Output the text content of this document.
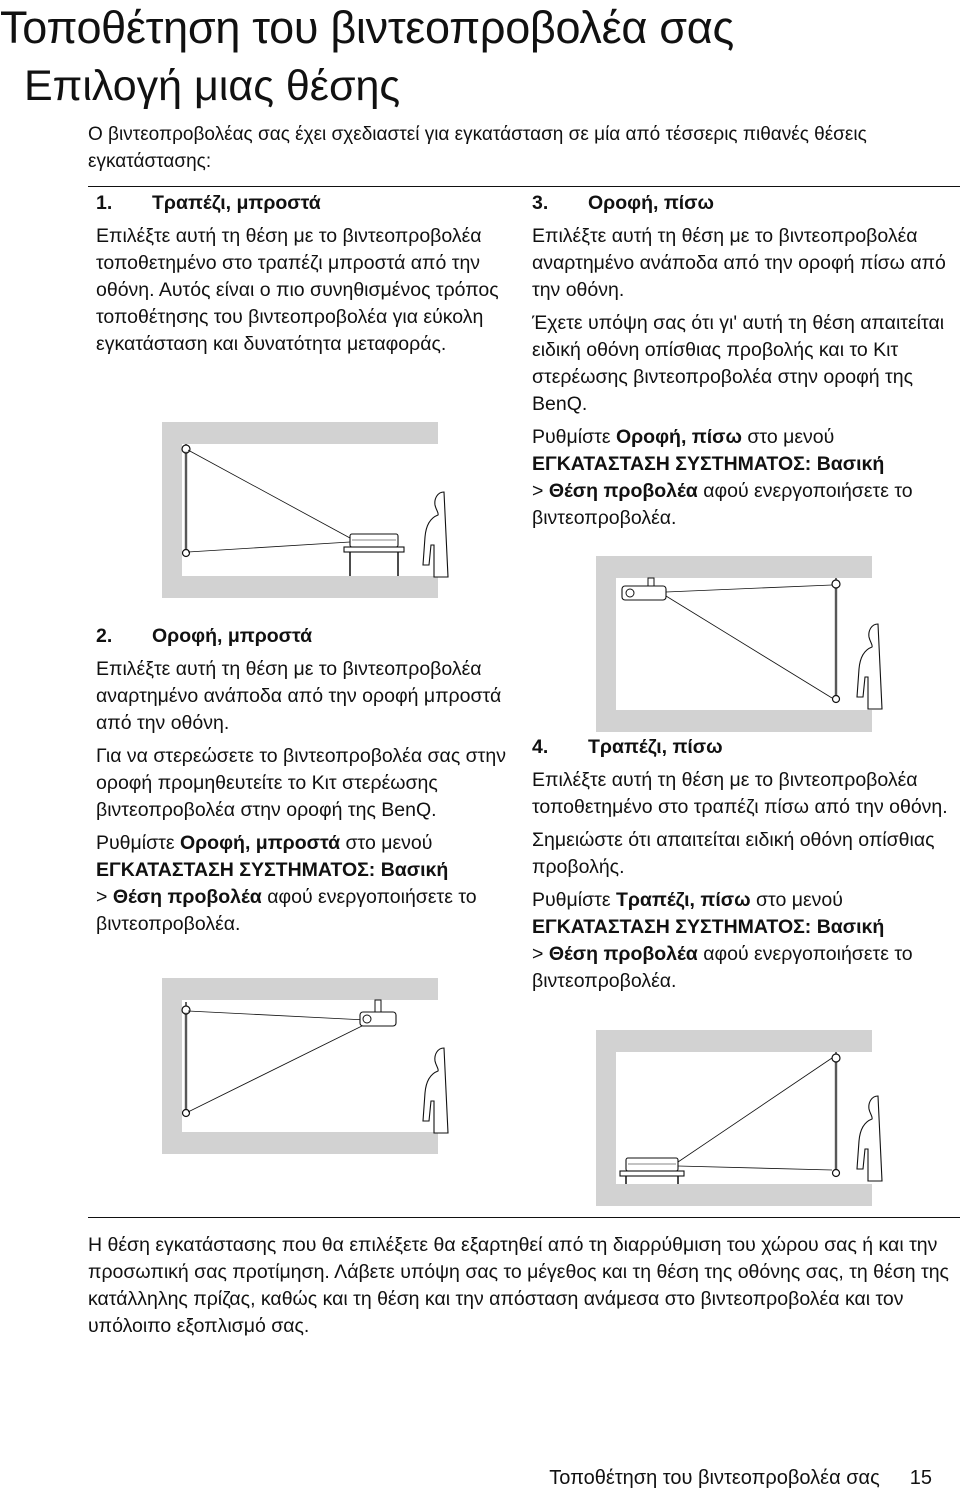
Τοποθέτηση του βιντεοπροβολέα σας
Επιλογή μιας θέσης

Ο βιντεοπροβολέας σας έχει σχεδιαστεί για εγκατάσταση σε μία από τέσσερις πιθανές θέσεις εγκατάστασης:

1. Τραπέζι, μπροστά

Επιλέξτε αυτή τη θέση με το βιντεοπροβολέα τοποθετημένο στο τραπέζι μπροστά από την οθόνη. Αυτός είναι ο πιο συνηθισμένος τρόπος τοποθέτησης του βιντεοπροβολέα για εύκολη εγκατάσταση και δυνατότητα μεταφοράς.

2. Οροφή, μπροστά

Επιλέξτε αυτή τη θέση με το βιντεοπροβολέα αναρτημένο ανάποδα από την οροφή μπροστά από την οθόνη.

Για να στερεώσετε το βιντεοπροβολέα σας στην οροφή προμηθευτείτε το Κιτ στερέωσης βιντεοπροβολέα στην οροφή της BenQ.

Ρυθμίστε Οροφή, μπροστά στο μενού
ΕΓΚΑΤΑΣΤΑΣΗ ΣΥΣΤΗΜΑΤΟΣ: Βασική
> Θέση προβολέα αφού ενεργοποιήσετε το βιντεοπροβολέα.

3. Οροφή, πίσω

Επιλέξτε αυτή τη θέση με το βιντεοπροβολέα αναρτημένο ανάποδα από την οροφή πίσω από την οθόνη.

Έχετε υπόψη σας ότι γι' αυτή τη θέση απαιτείται ειδική οθόνη οπίσθιας προβολής και το Κιτ στερέωσης βιντεοπροβολέα στην οροφή της BenQ.

Ρυθμίστε Οροφή, πίσω στο μενού
ΕΓΚΑΤΑΣΤΑΣΗ ΣΥΣΤΗΜΑΤΟΣ: Βασική
> Θέση προβολέα αφού ενεργοποιήσετε το βιντεοπροβολέα.

4. Τραπέζι, πίσω

Επιλέξτε αυτή τη θέση με το βιντεοπροβολέα τοποθετημένο στο τραπέζι πίσω από την οθόνη.

Σημειώστε ότι απαιτείται ειδική οθόνη οπίσθιας προβολής.

Ρυθμίστε Τραπέζι, πίσω στο μενού
ΕΓΚΑΤΑΣΤΑΣΗ ΣΥΣΤΗΜΑΤΟΣ: Βασική
> Θέση προβολέα αφού ενεργοποιήσετε το βιντεοπροβολέα.

Η θέση εγκατάστασης που θα επιλέξετε θα εξαρτηθεί από τη διαρρύθμιση του χώρου σας ή και την προσωπική σας προτίμηση. Λάβετε υπόψη σας το μέγεθος και τη θέση της οθόνης σας, τη θέση της κατάλληλης πρίζας, καθώς και τη θέση και την απόσταση ανάμεσα στο βιντεοπροβολέα και τον υπόλοιπο εξοπλισμό σας.

Τοποθέτηση του βιντεοπροβολέα σας 15
